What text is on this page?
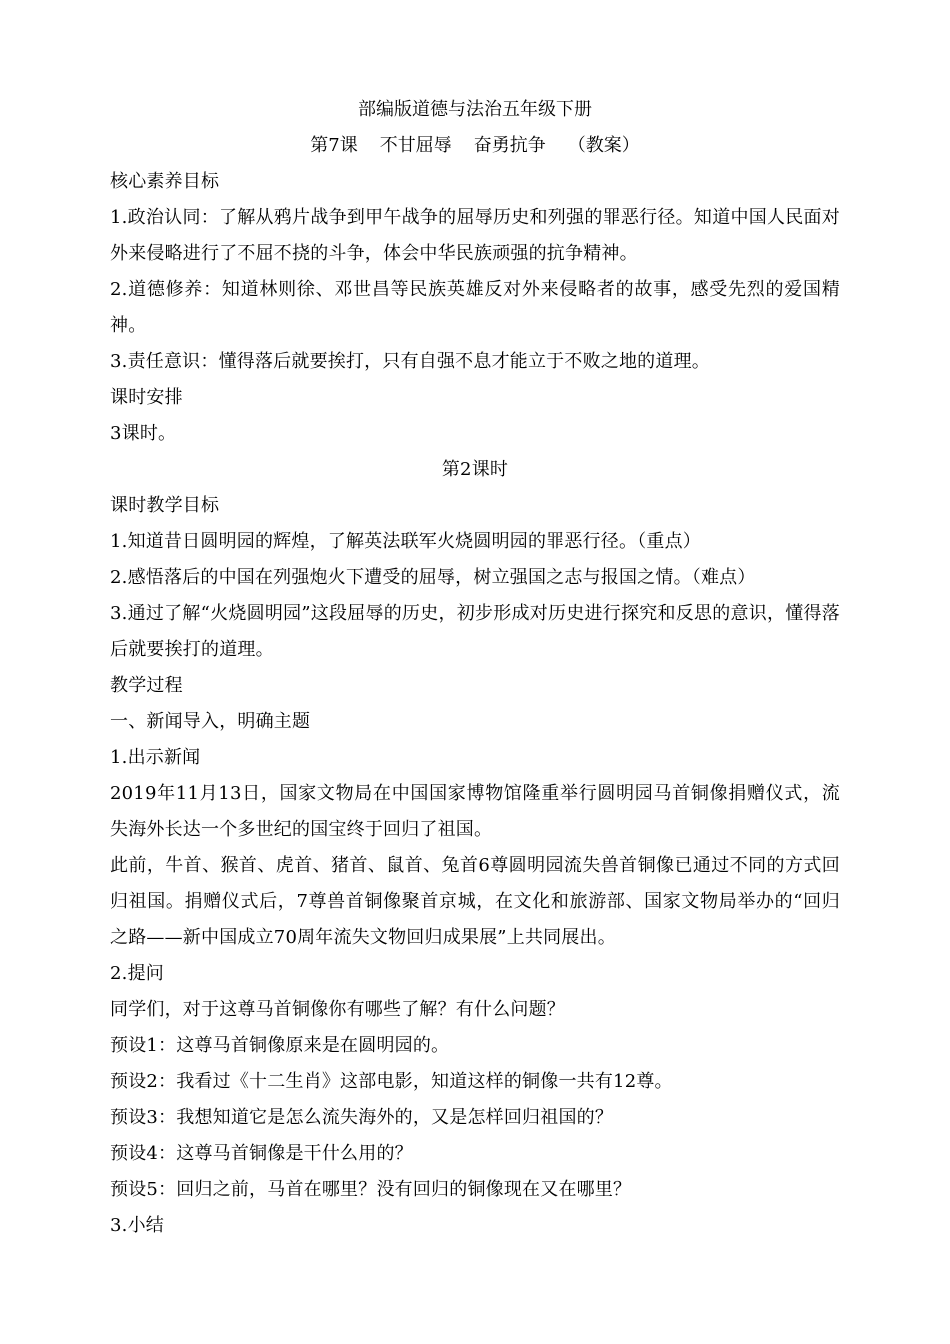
部编版道德与法治五年级下册
第7课 不甘屈辱 奋勇抗争 （教案）
核心素养目标
1.政治认同：了解从鸦片战争到甲午战争的屈辱历史和列强的罪恶行径。知道中国人民面对外来侵略进行了不屈不挠的斗争，体会中华民族顽强的抗争精神。
2.道德修养：知道林则徐、邓世昌等民族英雄反对外来侵略者的故事，感受先烈的爱国精神。
3.责任意识：懂得落后就要挨打，只有自强不息才能立于不败之地的道理。
课时安排
3课时。
第2课时
课时教学目标
1.知道昔日圆明园的辉煌，了解英法联军火烧圆明园的罪恶行径。（重点）
2.感悟落后的中国在列强炮火下遭受的屈辱，树立强国之志与报国之情。（难点）
3.通过了解“火烧圆明园”这段屈辱的历史，初步形成对历史进行探究和反思的意识，懂得落后就要挨打的道理。
教学过程
一、新闻导入，明确主题
1.出示新闻
2019年11月13日，国家文物局在中国国家博物馆隆重举行圆明园马首铜像捐赠仪式，流失海外长达一个多世纪的国宝终于回归了祖国。
此前，牛首、猴首、虎首、猪首、鼠首、兔首6尊圆明园流失兽首铜像已通过不同的方式回归祖国。捐赠仪式后，7尊兽首铜像聚首京城，在文化和旅游部、国家文物局举办的“回归之路——新中国成立70周年流失文物回归成果展”上共同展出。
2.提问
同学们，对于这尊马首铜像你有哪些了解？有什么问题？
预设1：这尊马首铜像原来是在圆明园的。
预设2：我看过《十二生肖》这部电影，知道这样的铜像一共有12尊。
预设3：我想知道它是怎么流失海外的，又是怎样回归祖国的？
预设4：这尊马首铜像是干什么用的？
预设5：回归之前，马首在哪里？没有回归的铜像现在又在哪里？
3.小结
